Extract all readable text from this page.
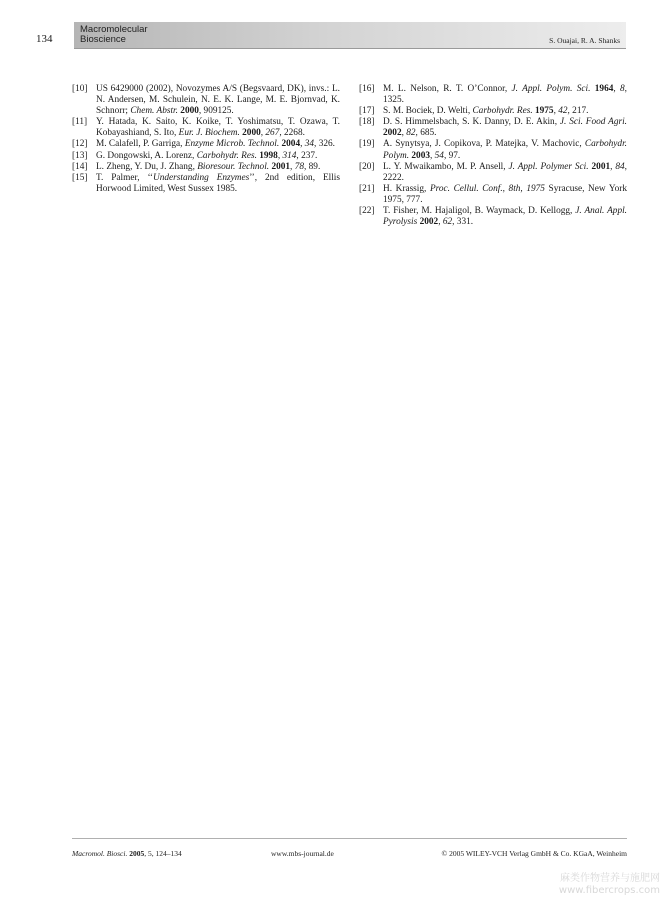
134
Macromolecular
Bioscience	S. Ouajai, R. A. Shanks
[10] US 6429000 (2002), Novozymes A/S (Begsvaard, DK), invs.: L. N. Andersen, M. Schulein, N. E. K. Lange, M. E. Bjornvad, K. Schnorr; Chem. Abstr. 2000, 909125.
[11] Y. Hatada, K. Saito, K. Koike, T. Yoshimatsu, T. Ozawa, T. Kobayashiand, S. Ito, Eur. J. Biochem. 2000, 267, 2268.
[12] M. Calafell, P. Garriga, Enzyme Microb. Technol. 2004, 34, 326.
[13] G. Dongowski, A. Lorenz, Carbohydr. Res. 1998, 314, 237.
[14] L. Zheng, Y. Du, J. Zhang, Bioresour. Technol. 2001, 78, 89.
[15] T. Palmer, ‘‘Understanding Enzymes’’, 2nd edition, Ellis Horwood Limited, West Sussex 1985.
[16] M. L. Nelson, R. T. O’Connor, J. Appl. Polym. Sci. 1964, 8, 1325.
[17] S. M. Bociek, D. Welti, Carbohydr. Res. 1975, 42, 217.
[18] D. S. Himmelsbach, S. K. Danny, D. E. Akin, J. Sci. Food Agri. 2002, 82, 685.
[19] A. Synytsya, J. Copikova, P. Matejka, V. Machovic, Carbohydr. Polym. 2003, 54, 97.
[20] L. Y. Mwaikambo, M. P. Ansell, J. Appl. Polymer Sci. 2001, 84, 2222.
[21] H. Krassig, Proc. Cellul. Conf., 8th, 1975 Syracuse, New York 1975, 777.
[22] T. Fisher, M. Hajaligol, B. Waymack, D. Kellogg, J. Anal. Appl. Pyrolysis 2002, 62, 331.
Macromol. Biosci. 2005, 5, 124–134	www.mbs-journal.de	© 2005 WILEY-VCH Verlag GmbH & Co. KGaA, Weinheim
麻类作物营养与施肥网
www.fibercrops.com
